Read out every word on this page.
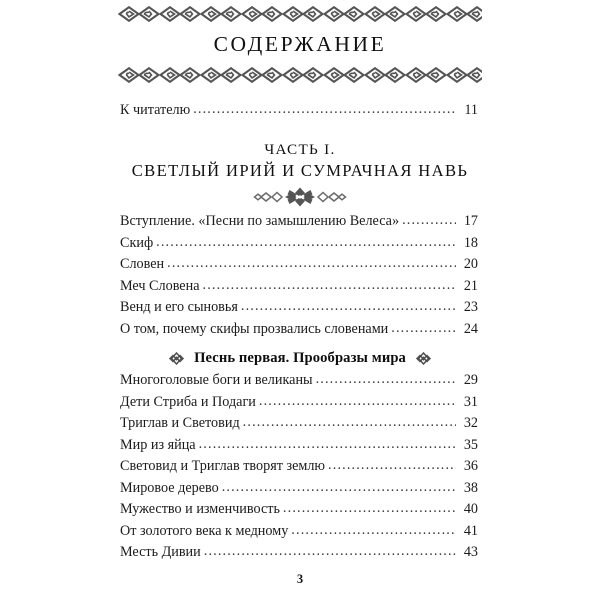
СОДЕРЖАНИЕ
К читателю .....	11
ЧАСТЬ I.
СВЕТЛЫЙ ИРИЙ И СУМРАЧНАЯ НАВЬ
Вступление. «Песни по замышлению Велеса» .....	17
Скиф .....	18
Словен .....	20
Меч Словена .....	21
Венд и его сыновья .....	23
О том, почему скифы прозвались словенами .....	24
Песнь первая. Прообразы мира
Многоголовые боги и великаны .....	29
Дети Стриба и Подаги .....	31
Триглав и Световид .....	32
Мир из яйца .....	35
Световид и Триглав творят землю .....	36
Мировое дерево .....	38
Мужество и изменчивость .....	40
От золотого века к медному .....	41
Месть Дивии .....	43
3
